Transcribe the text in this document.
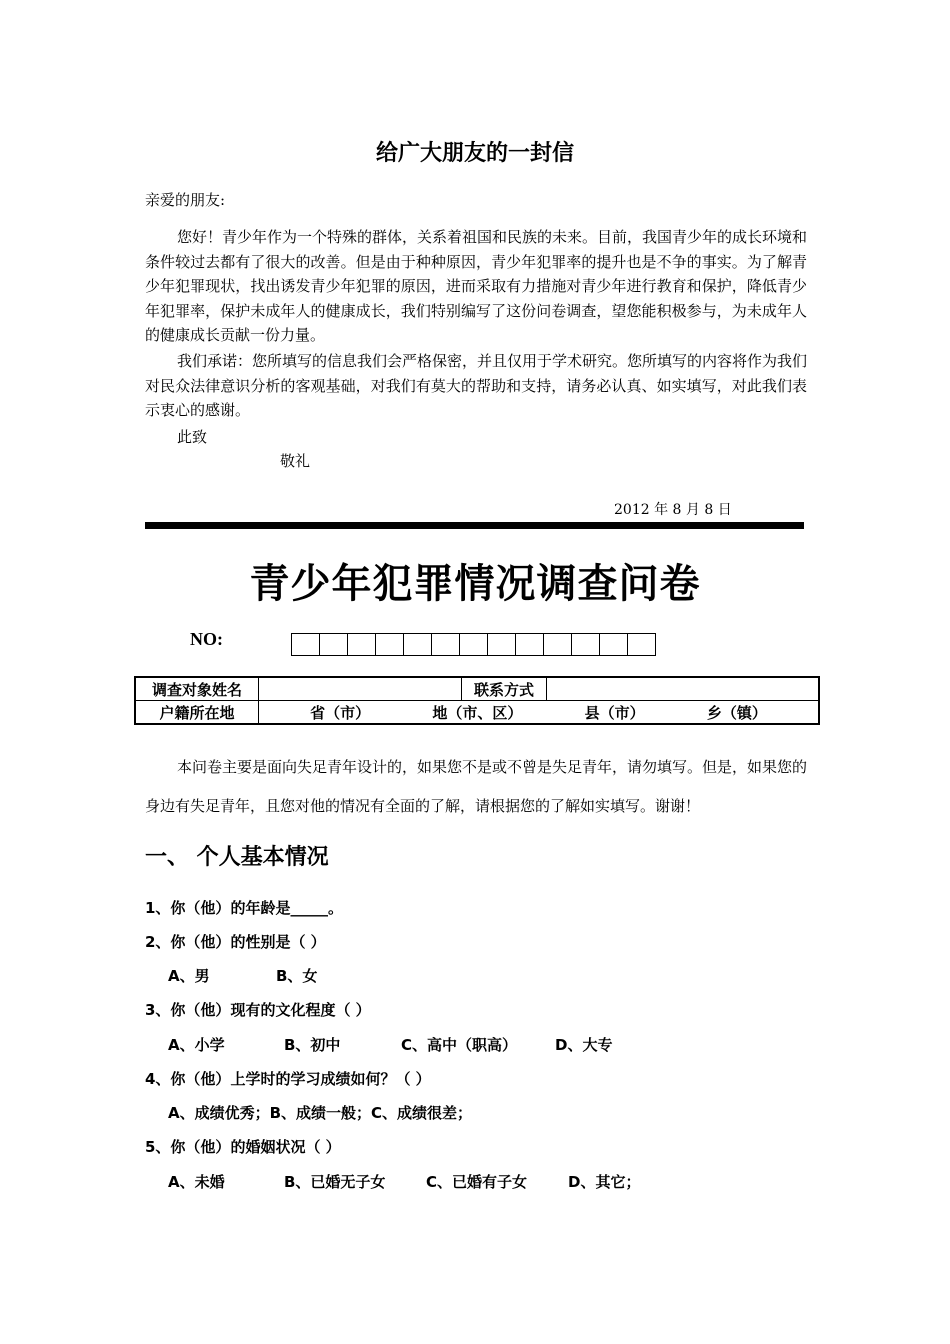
给广大朋友的一封信
亲爱的朋友:
您好！青少年作为一个特殊的群体，关系着祖国和民族的未来。目前，我国青少年的成长环境和条件较过去都有了很大的改善。但是由于种种原因，青少年犯罪率的提升也是不争的事实。为了解青少年犯罪现状，找出诱发青少年犯罪的原因，进而采取有力措施对青少年进行教育和保护，降低青少年犯罪率，保护未成年人的健康成长，我们特别编写了这份问卷调查，望您能积极参与，为未成年人的健康成长贡献一份力量。
我们承诺：您所填写的信息我们会严格保密，并且仅用于学术研究。您所填写的内容将作为我们对民众法律意识分析的客观基础，对我们有莫大的帮助和支持，请务必认真、如实填写，对此我们表示衷心的感谢。
此致
敬礼
2012 年 8 月 8 日
青少年犯罪情况调查问卷
NO:
调查对象姓名		联系方式	
户籍所在地	省（市） 地（市、区） 县（市） 乡（镇）		
本问卷主要是面向失足青年设计的，如果您不是或不曾是失足青年，请勿填写。但是，如果您的身边有失足青年，且您对他的情况有全面的了解，请根据您的了解如实填写。谢谢！
一、 个人基本情况
1、你（他）的年龄是_____。
2、你（他）的性别是（ ）
A、男	B、女
3、你（他）现有的文化程度（ ）
A、小学	B、初中	C、高中（职高）	D、大专
4、你（他）上学时的学习成绩如何？（ ）
A、成绩优秀；B、成绩一般；C、成绩很差；
5、你（他）的婚姻状况（ ）
A、未婚	B、已婚无子女	C、已婚有子女	D、其它；
